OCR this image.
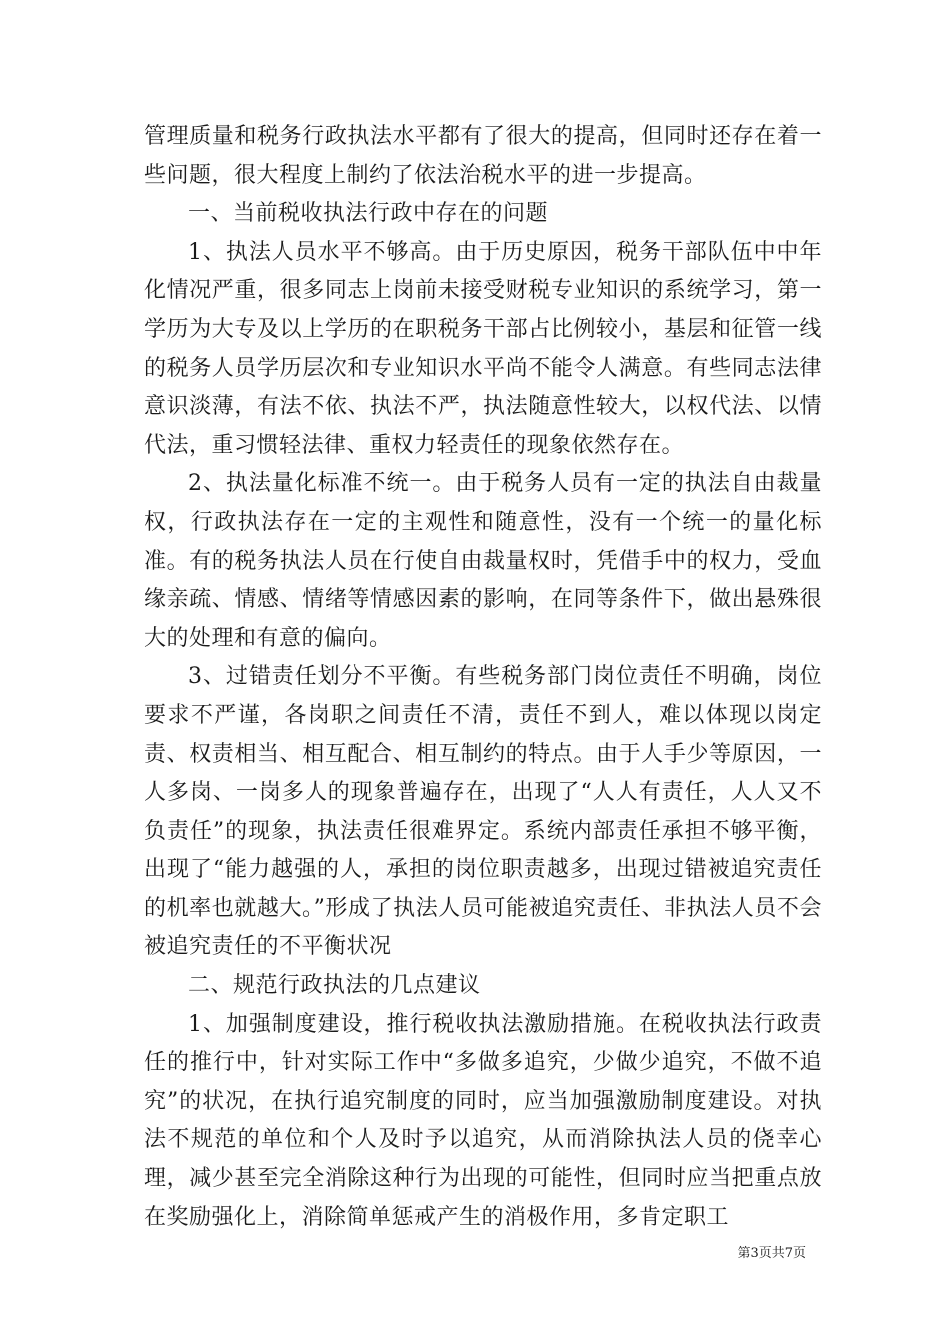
管理质量和税务行政执法水平都有了很大的提高，但同时还存在着一些问题，很大程度上制约了依法治税水平的进一步提高。

一、当前税收执法行政中存在的问题

1、执法人员水平不够高。由于历史原因，税务干部队伍中中年化情况严重，很多同志上岗前未接受财税专业知识的系统学习，第一学历为大专及以上学历的在职税务干部占比例较小，基层和征管一线的税务人员学历层次和专业知识水平尚不能令人满意。有些同志法律意识淡薄，有法不依、执法不严，执法随意性较大，以权代法、以情代法，重习惯轻法律、重权力轻责任的现象依然存在。

2、执法量化标准不统一。由于税务人员有一定的执法自由裁量权，行政执法存在一定的主观性和随意性，没有一个统一的量化标准。有的税务执法人员在行使自由裁量权时，凭借手中的权力，受血缘亲疏、情感、情绪等情感因素的影响，在同等条件下，做出悬殊很大的处理和有意的偏向。

3、过错责任划分不平衡。有些税务部门岗位责任不明确，岗位要求不严谨，各岗职之间责任不清，责任不到人，难以体现以岗定责、权责相当、相互配合、相互制约的特点。由于人手少等原因，一人多岗、一岗多人的现象普遍存在，出现了“人人有责任，人人又不负责任”的现象，执法责任很难界定。系统内部责任承担不够平衡，出现了“能力越强的人，承担的岗位职责越多，出现过错被追究责任的机率也就越大。”形成了执法人员可能被追究责任、非执法人员不会被追究责任的不平衡状况

二、规范行政执法的几点建议

1、加强制度建设，推行税收执法激励措施。在税收执法行政责任的推行中，针对实际工作中“多做多追究，少做少追究，不做不追究”的状况，在执行追究制度的同时，应当加强激励制度建设。对执法不规范的单位和个人及时予以追究，从而消除执法人员的侥幸心理，减少甚至完全消除这种行为出现的可能性，但同时应当把重点放在奖励强化上，消除简单惩戒产生的消极作用，多肯定职工

第3页共7页
